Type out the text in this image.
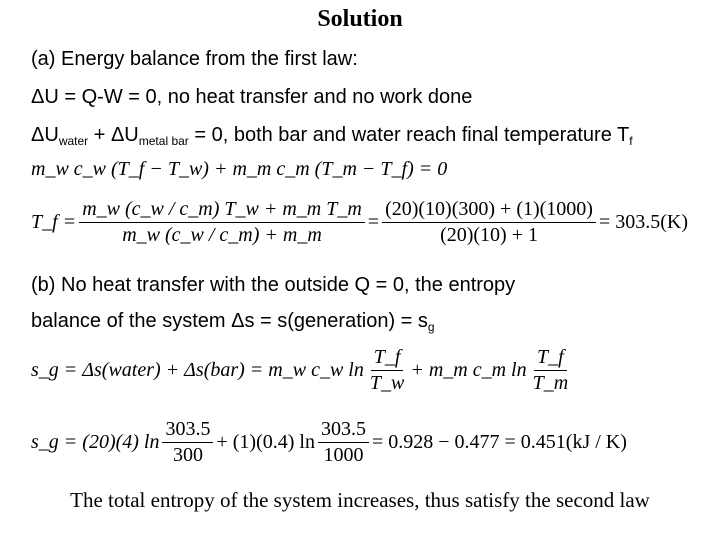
Solution
(a) Energy balance from the first law:
ΔU = Q-W = 0, no heat transfer and no work done
$\Delta U_{water} + \Delta U_{metal bar} = 0$, both bar and water reach final temperature $T_f$
m_w c_w (T_f − T_w) + m_m c_m (T_m − T_f) = 0
T_f = $\frac{\text{m\_w (c\_w / c\_m) T\_w + m\_m T\_m}}{m\_w (c\_w / c\_m) + m\_m} = \frac{(20)(10)(300) + (1)(1000)}{(20)(10) + 1} = 303.5(K)$
(b) No heat transfer with the outside Q = 0, the entropy
balance of the system Δs = s(generation) = $s_g$
s_g = Δs(water) + Δs(bar) = m_w c_w $\ln \frac{T\_f}{T\_w}$ + m_m c_m $\ln \frac{T\_f}{T\_m}$
s_g = (20)(4) $\ln \frac{303.5}{300} + (1)(0.4)$ $\ln \frac{303.5}{1000} = 0.928 - 0.477 = 0.451(kJ / K)$
The total entropy of the system increases, thus satisfy the second law
